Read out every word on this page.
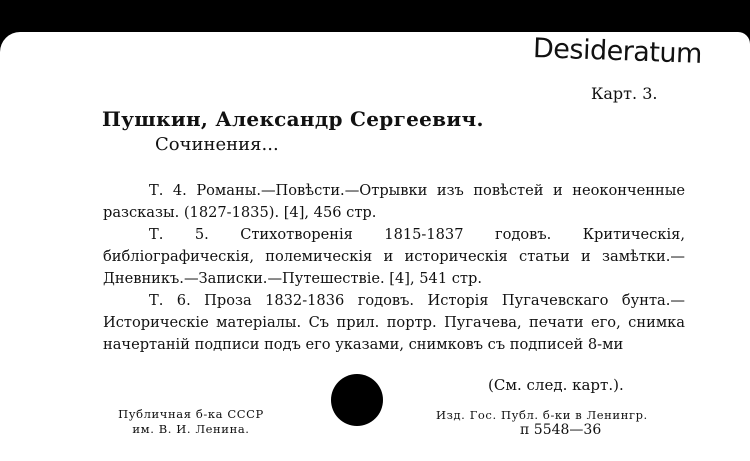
Desideratum
Карт. 3.
Пушкин, Александр Сергеевич.
Сочинения...

Т. 4. Романы.—Повѣсти.—Отрывки изъ повѣстей и неоконченные разсказы. (1827-1835). [4], 456 стр.

Т. 5. Стихотворенія 1815-1837 годовъ. Критическія, библіографическія, полемическія и историческія статьи и замѣтки.—Дневникъ.—Записки.—Путешествіе. [4], 541 стр.

Т. 6. Проза 1832-1836 годовъ. Исторія Пугачевскаго бунта.—Историческіе матеріалы. Съ прил. портр. Пугачева, печати его, снимка начертаній подписи подъ его указами, снимковъ съ подписей 8-ми

(См. след. карт.).
Публичная б-ка СССР
им. В. И. Ленина.
Изд. Гос. Публ. б-ки в Ленингр.
п 5548—36
